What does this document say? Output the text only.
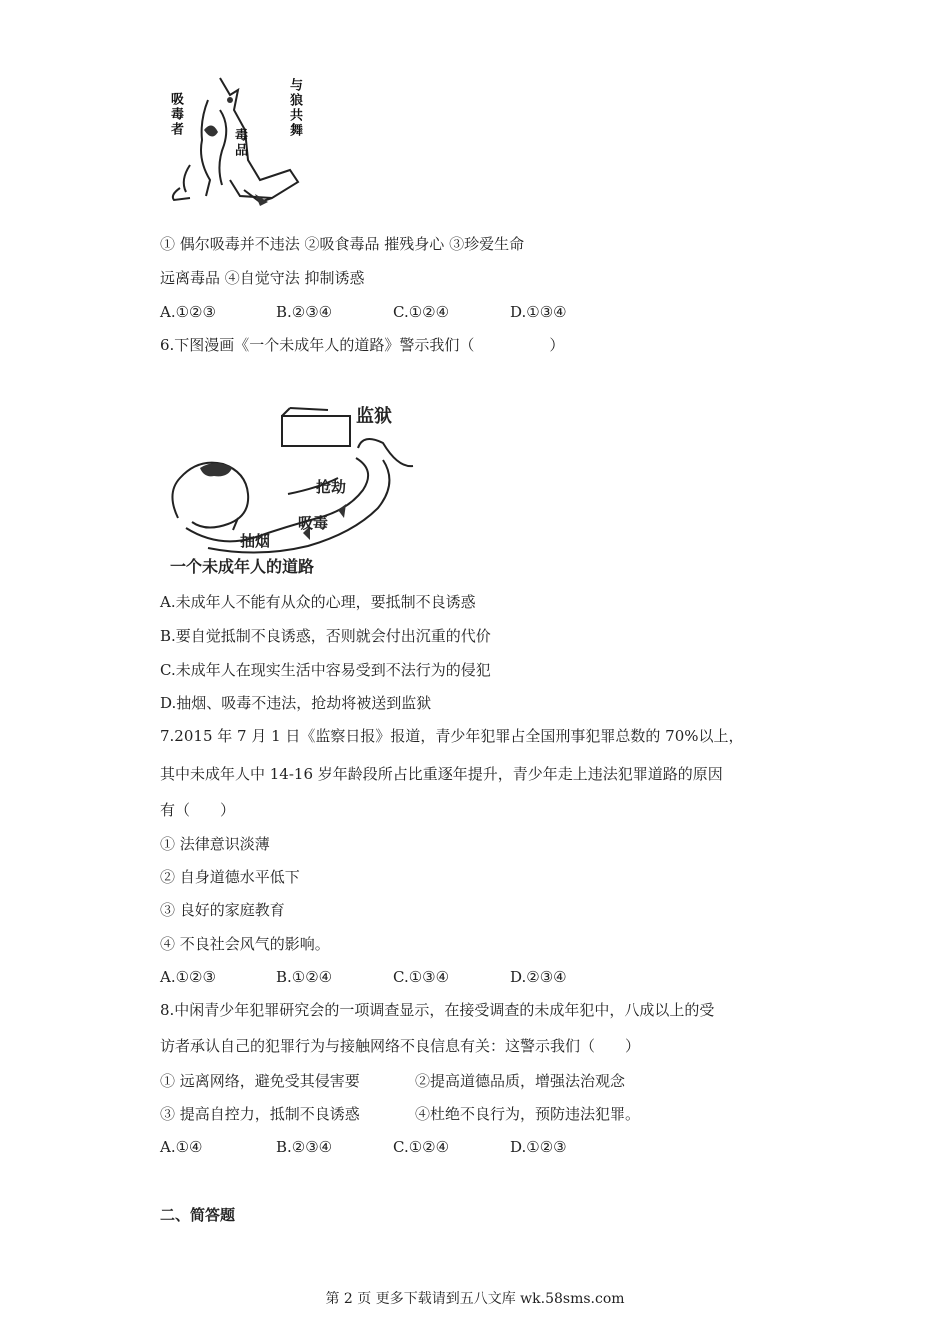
与狼共舞
吸毒者
毒品
① 偶尔吸毒并不违法 ②吸食毒品 摧残身心 ③珍爱生命
远离毒品 ④自觉守法 抑制诱惑
A.①②③	B.②③④	C.①②④	D.①③④
6.下图漫画《一个未成年人的道路》警示我们（　　　　　）
监狱
抢劫
吸毒
抽烟
一个未成年人的道路
A.未成年人不能有从众的心理，要抵制不良诱惑
B.要自觉抵制不良诱惑，否则就会付出沉重的代价
C.未成年人在现实生活中容易受到不法行为的侵犯
D.抽烟、吸毒不违法，抢劫将被送到监狱
7.2015 年 7 月 1 日《监察日报》报道，青少年犯罪占全国刑事犯罪总数的 70%以上，
其中未成年人中 14-16 岁年龄段所占比重逐年提升，青少年走上违法犯罪道路的原因
有（　　）
① 法律意识淡薄
② 自身道德水平低下
③ 良好的家庭教育
④ 不良社会风气的影响。
A.①②③	B.①②④	C.①③④	D.②③④
8.中闲青少年犯罪研究会的一项调查显示，在接受调查的未成年犯中，八成以上的受
访者承认自己的犯罪行为与接触网络不良信息有关：这警示我们（　　）
① 远离网络，避免受其侵害要	②提高道德品质，增强法治观念
③ 提高自控力，抵制不良诱惑	④杜绝不良行为，预防违法犯罪。
A.①④	B.②③④	C.①②④	D.①②③
二、简答题
第 2 页 更多下载请到五八文库 wk.58sms.com
